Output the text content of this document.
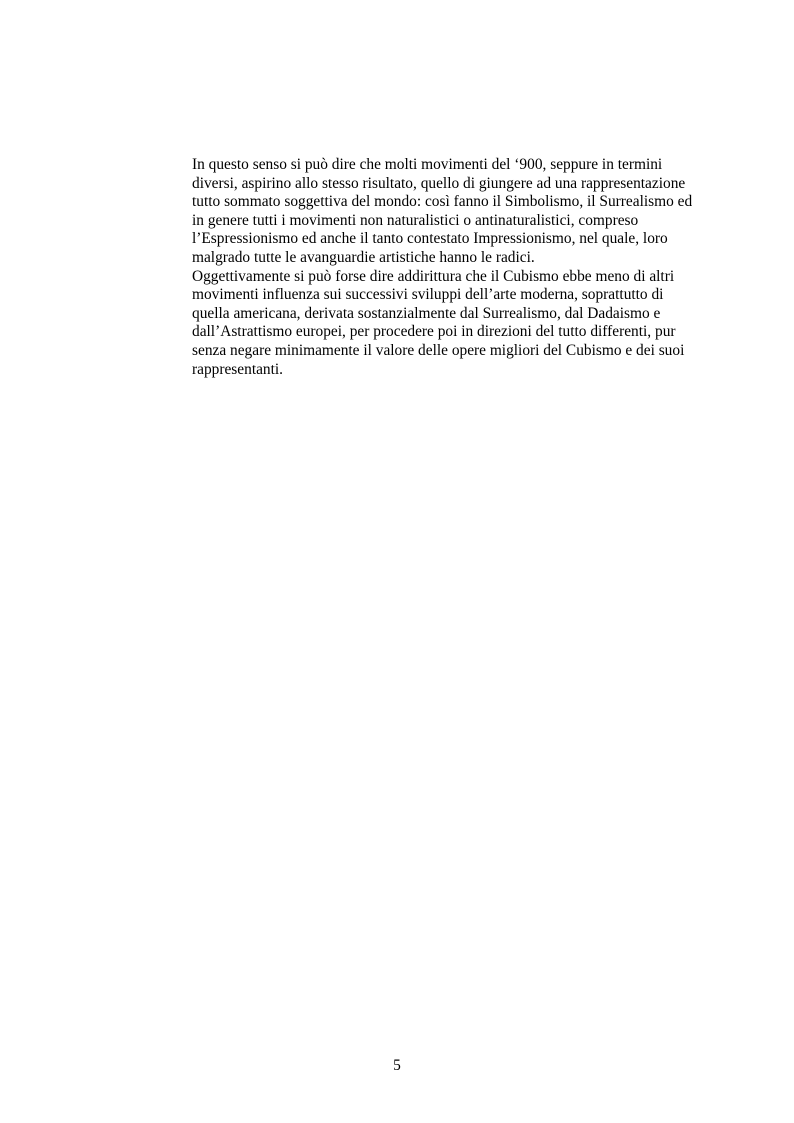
In questo senso si può dire che molti movimenti del ‘900, seppure in termini
diversi, aspirino allo stesso risultato, quello di giungere ad una rappresentazione
tutto sommato soggettiva del mondo: così fanno il Simbolismo, il Surrealismo ed
in genere tutti i movimenti non naturalistici o antinaturalistici, compreso
l’Espressionismo ed anche il tanto contestato Impressionismo, nel quale, loro
malgrado tutte le avanguardie artistiche hanno le radici.
Oggettivamente si può forse dire addirittura che il Cubismo ebbe meno di altri
movimenti influenza sui successivi sviluppi dell’arte moderna, soprattutto di
quella americana, derivata sostanzialmente dal Surrealismo, dal Dadaismo e
dall’Astrattismo europei, per procedere poi in direzioni del tutto differenti, pur
senza negare minimamente il valore delle opere migliori del Cubismo e dei suoi
rappresentanti.
5
